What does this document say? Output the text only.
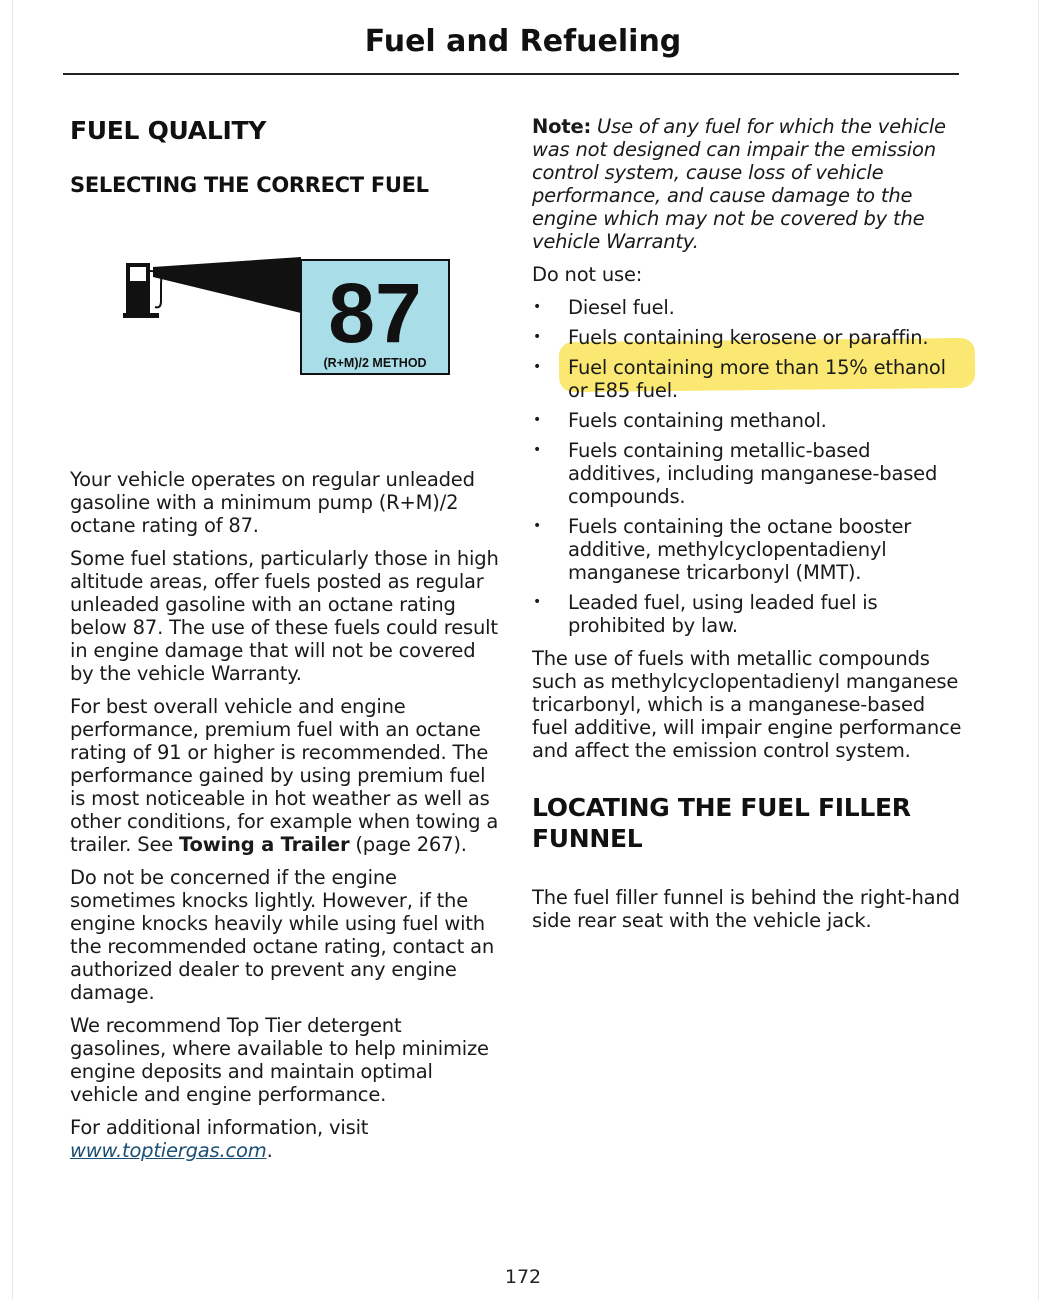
Fuel and Refueling
FUEL QUALITY
SELECTING THE CORRECT FUEL
87
(R+M)/2 METHOD

Your vehicle operates on regular unleaded gasoline with a minimum pump (R+M)/2 octane rating of 87.

Some fuel stations, particularly those in high altitude areas, offer fuels posted as regular unleaded gasoline with an octane rating below 87. The use of these fuels could result in engine damage that will not be covered by the vehicle Warranty.

For best overall vehicle and engine performance, premium fuel with an octane rating of 91 or higher is recommended. The performance gained by using premium fuel is most noticeable in hot weather as well as other conditions, for example when towing a trailer. See Towing a Trailer (page 267).

Do not be concerned if the engine sometimes knocks lightly. However, if the engine knocks heavily while using fuel with the recommended octane rating, contact an authorized dealer to prevent any engine damage.

We recommend Top Tier detergent gasolines, where available to help minimize engine deposits and maintain optimal vehicle and engine performance.

For additional information, visit www.toptiergas.com.

Note: Use of any fuel for which the vehicle was not designed can impair the emission control system, cause loss of vehicle performance, and cause damage to the engine which may not be covered by the vehicle Warranty.

Do not use:

• Diesel fuel.
• Fuels containing kerosene or paraffin.
• Fuel containing more than 15% ethanol or E85 fuel.
• Fuels containing methanol.
• Fuels containing metallic-based additives, including manganese-based compounds.
• Fuels containing the octane booster additive, methylcyclopentadienyl manganese tricarbonyl (MMT).
• Leaded fuel, using leaded fuel is prohibited by law.

The use of fuels with metallic compounds such as methylcyclopentadienyl manganese tricarbonyl, which is a manganese-based fuel additive, will impair engine performance and affect the emission control system.

LOCATING THE FUEL FILLER FUNNEL

The fuel filler funnel is behind the right-hand side rear seat with the vehicle jack.

172
